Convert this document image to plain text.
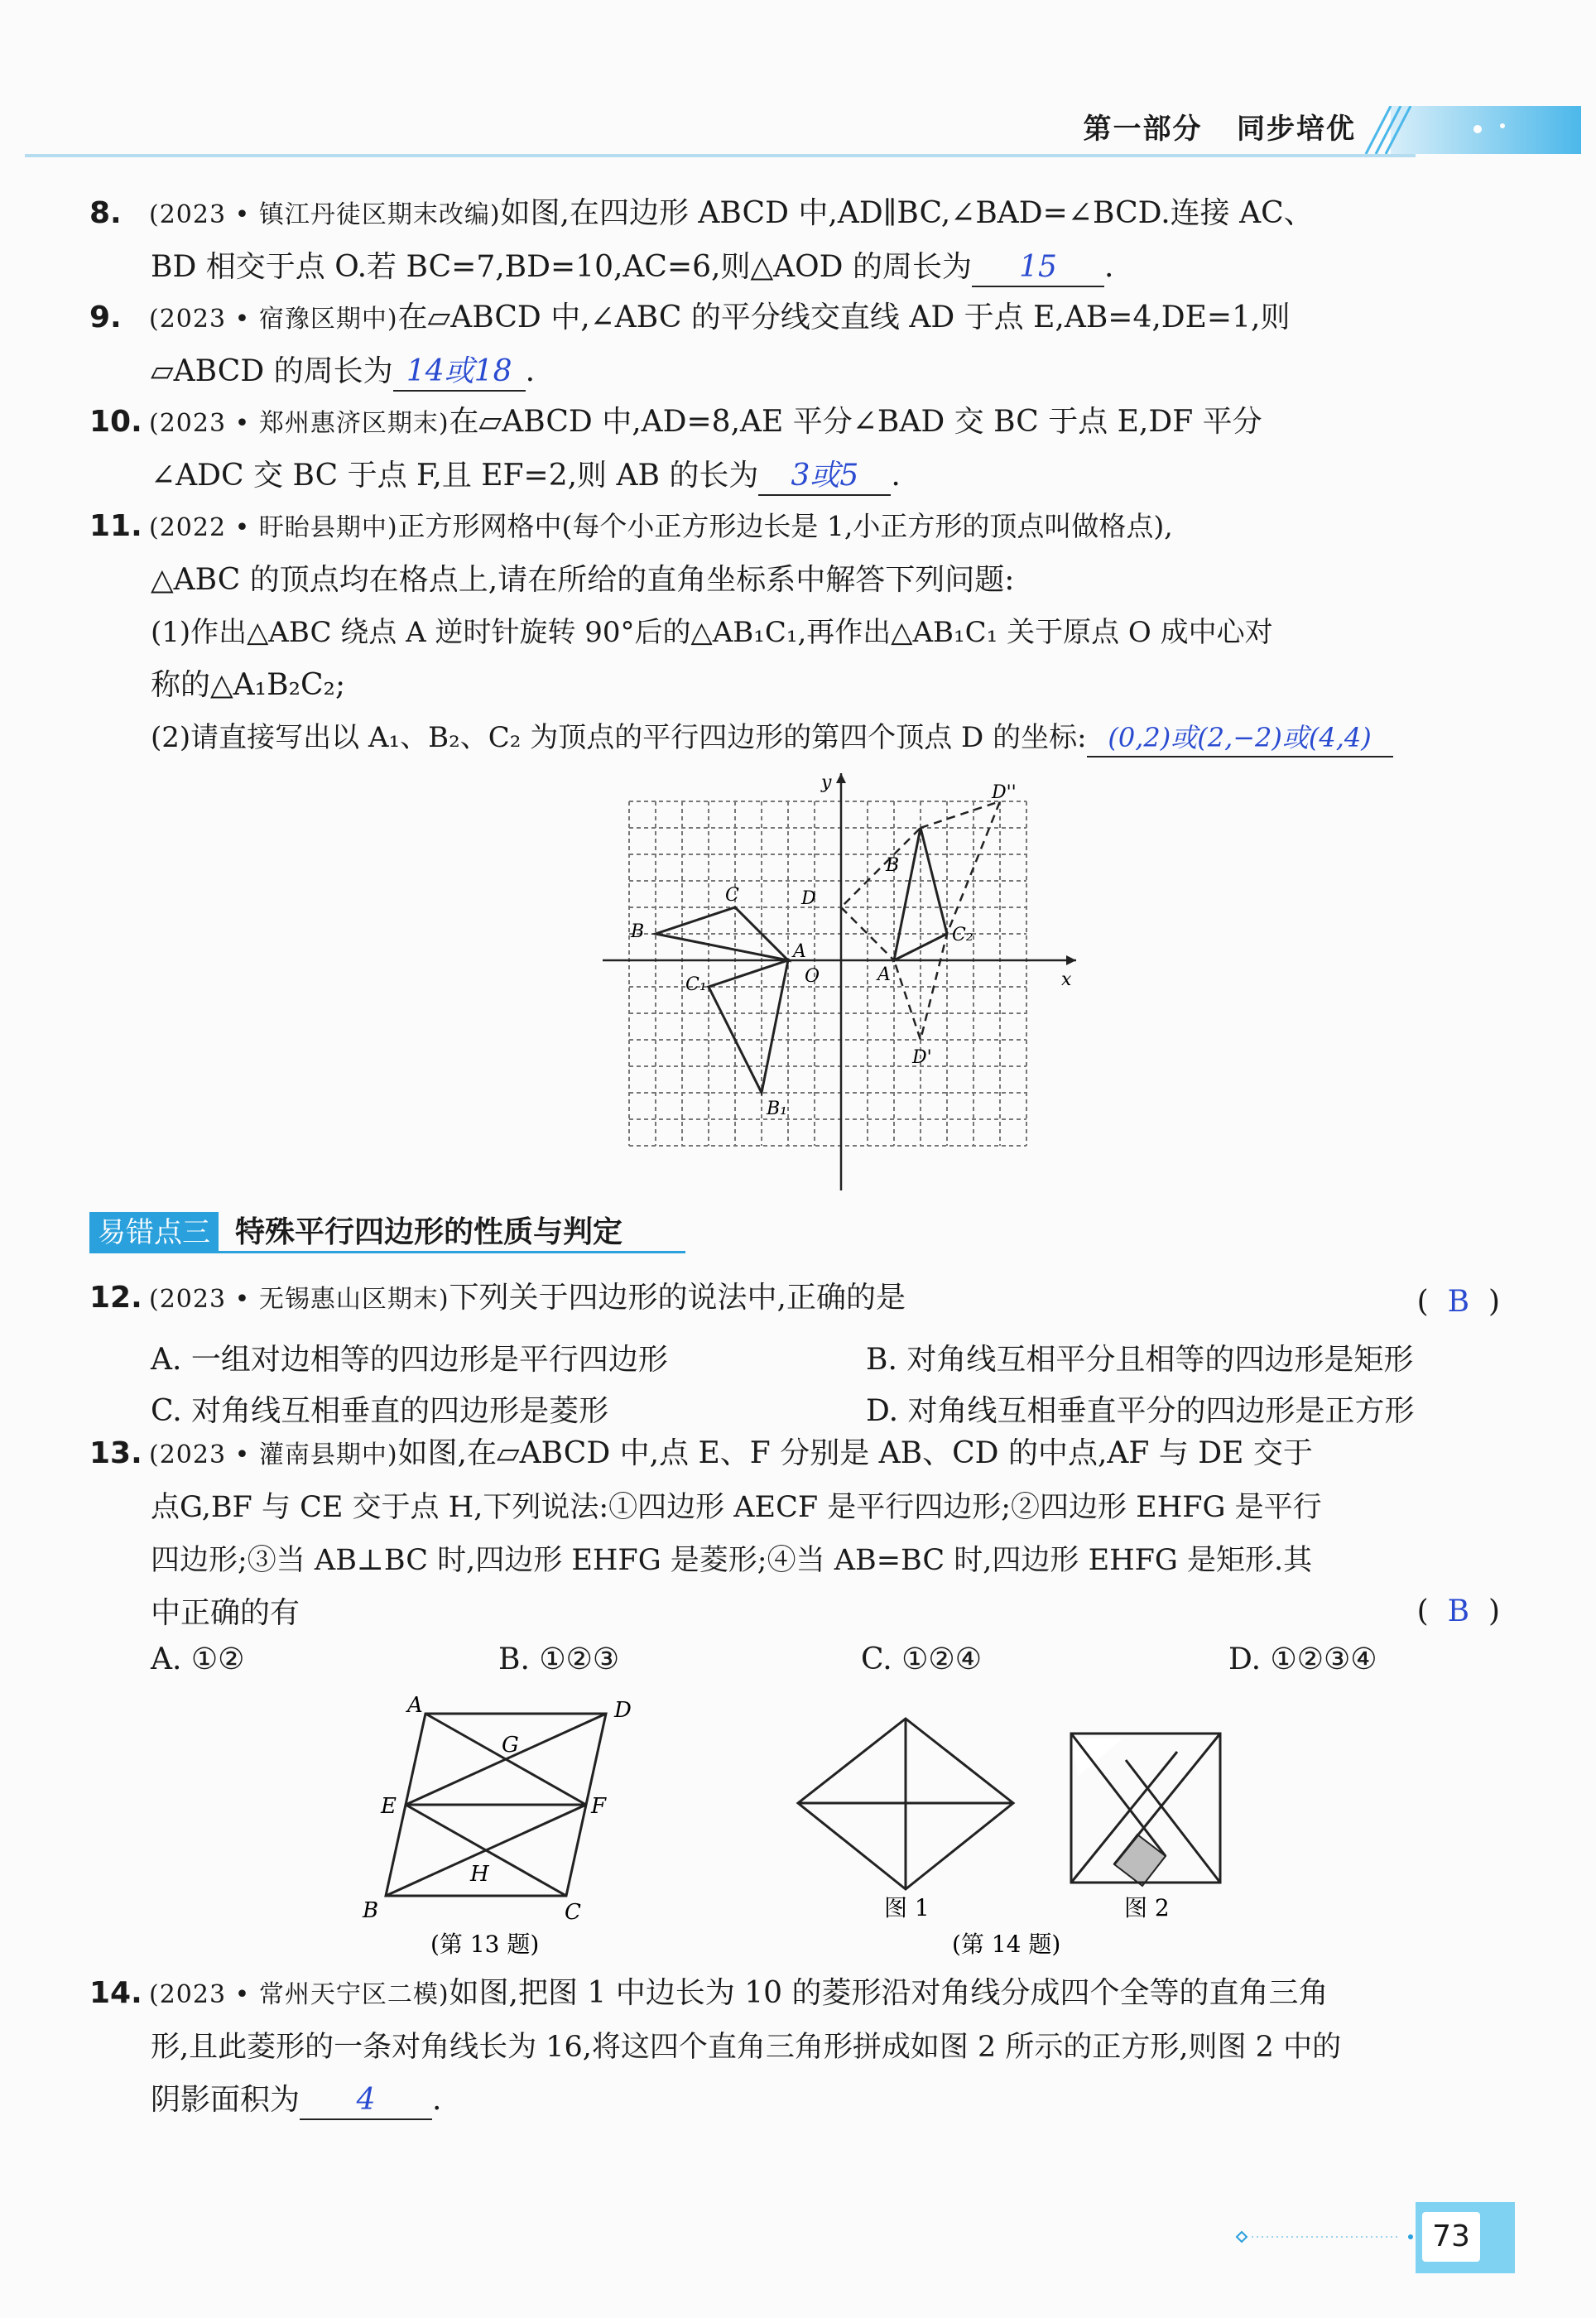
第一部分 同步培优
8. (2023 • 镇江丹徒区期末改编)如图,在四边形 ABCD 中,AD∥BC,∠BAD=∠BCD.连接 AC、
BD 相交于点 O.若 BC=7,BD=10,AC=6,则△AOD 的周长为 15 .
9. (2023 • 宿豫区期中)在▱ABCD 中,∠ABC 的平分线交直线 AD 于点 E,AB=4,DE=1,则
▱ABCD 的周长为 14或18 .
10. (2023 • 郑州惠济区期末)在▱ABCD 中,AD=8,AE 平分∠BAD 交 BC 于点 E,DF 平分
∠ADC 交 BC 于点 F,且 EF=2,则 AB 的长为 3或5 .
11. (2022 • 盱眙县期中)正方形网格中(每个小正方形边长是 1,小正方形的顶点叫做格点),
△ABC 的顶点均在格点上,请在所给的直角坐标系中解答下列问题:
(1)作出△ABC 绕点 A 逆时针旋转 90°后的△AB₁C₁,再作出△AB₁C₁ 关于原点 O 成中心对
称的△A₁B₂C₂;
(2)请直接写出以 A₁、B₂、C₂ 为顶点的平行四边形的第四个顶点 D 的坐标: (0,2)或(2,−2)或(4,4)
x
y
O
A
B
C
B₁
C₁
D
D'
D''
B
C₂
A
易错点三 特殊平行四边形的性质与判定
12. (2023 • 无锡惠山区期末)下列关于四边形的说法中,正确的是	(  B  )
A. 一组对边相等的四边形是平行四边形	B. 对角线互相平分且相等的四边形是矩形
C. 对角线互相垂直的四边形是菱形	D. 对角线互相垂直平分的四边形是正方形
13. (2023 • 灌南县期中)如图,在▱ABCD 中,点 E、F 分别是 AB、CD 的中点,AF 与 DE 交于
点G,BF 与 CE 交于点 H,下列说法:①四边形 AECF 是平行四边形;②四边形 EHFG 是平行
四边形;③当 AB⊥BC 时,四边形 EHFG 是菱形;④当 AB=BC 时,四边形 EHFG 是矩形.其
中正确的有	(  B  )
A. ①②	B. ①②③	C. ①②④	D. ①②③④
A	D
G
E	F
H
B	C
(第 13 题)
图 1	图 2
(第 14 题)
14. (2023 • 常州天宁区二模)如图,把图 1 中边长为 10 的菱形沿对角线分成四个全等的直角三角
形,且此菱形的一条对角线长为 16,将这四个直角三角形拼成如图 2 所示的正方形,则图 2 中的
阴影面积为 4 .
73
